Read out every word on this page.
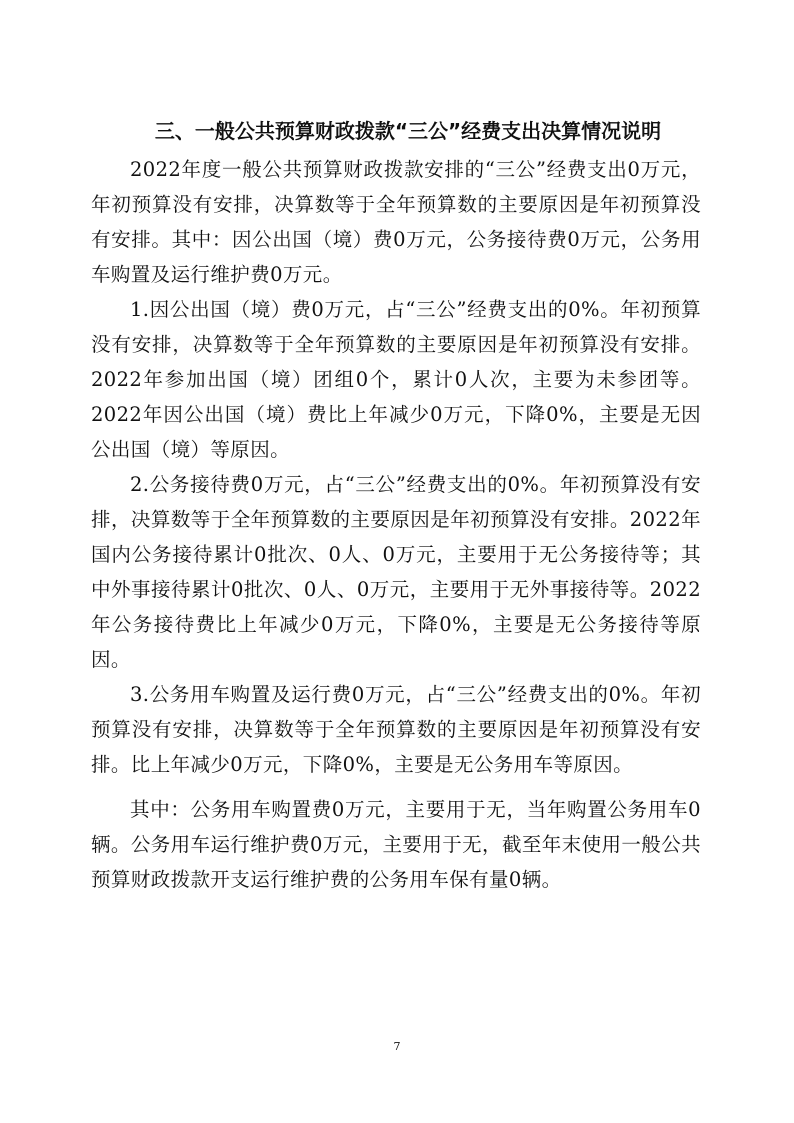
三、一般公共预算财政拨款“三公”经费支出决算情况说明

2022年度一般公共预算财政拨款安排的“三公”经费支出0万元，年初预算没有安排，决算数等于全年预算数的主要原因是年初预算没有安排。其中：因公出国（境）费0万元，公务接待费0万元，公务用车购置及运行维护费0万元。

1.因公出国（境）费0万元，占“三公”经费支出的0%。年初预算没有安排，决算数等于全年预算数的主要原因是年初预算没有安排。2022年参加出国（境）团组0个，累计0人次，主要为未参团等。2022年因公出国（境）费比上年减少0万元，下降0%，主要是无因公出国（境）等原因。

2.公务接待费0万元，占“三公”经费支出的0%。年初预算没有安排，决算数等于全年预算数的主要原因是年初预算没有安排。2022年国内公务接待累计0批次、0人、0万元，主要用于无公务接待等；其中外事接待累计0批次、0人、0万元，主要用于无外事接待等。2022年公务接待费比上年减少0万元，下降0%，主要是无公务接待等原因。

3.公务用车购置及运行费0万元，占“三公”经费支出的0%。年初预算没有安排，决算数等于全年预算数的主要原因是年初预算没有安排。比上年减少0万元，下降0%，主要是无公务用车等原因。

其中：公务用车购置费0万元，主要用于无，当年购置公务用车0辆。公务用车运行维护费0万元，主要用于无，截至年末使用一般公共预算财政拨款开支运行维护费的公务用车保有量0辆。

7
